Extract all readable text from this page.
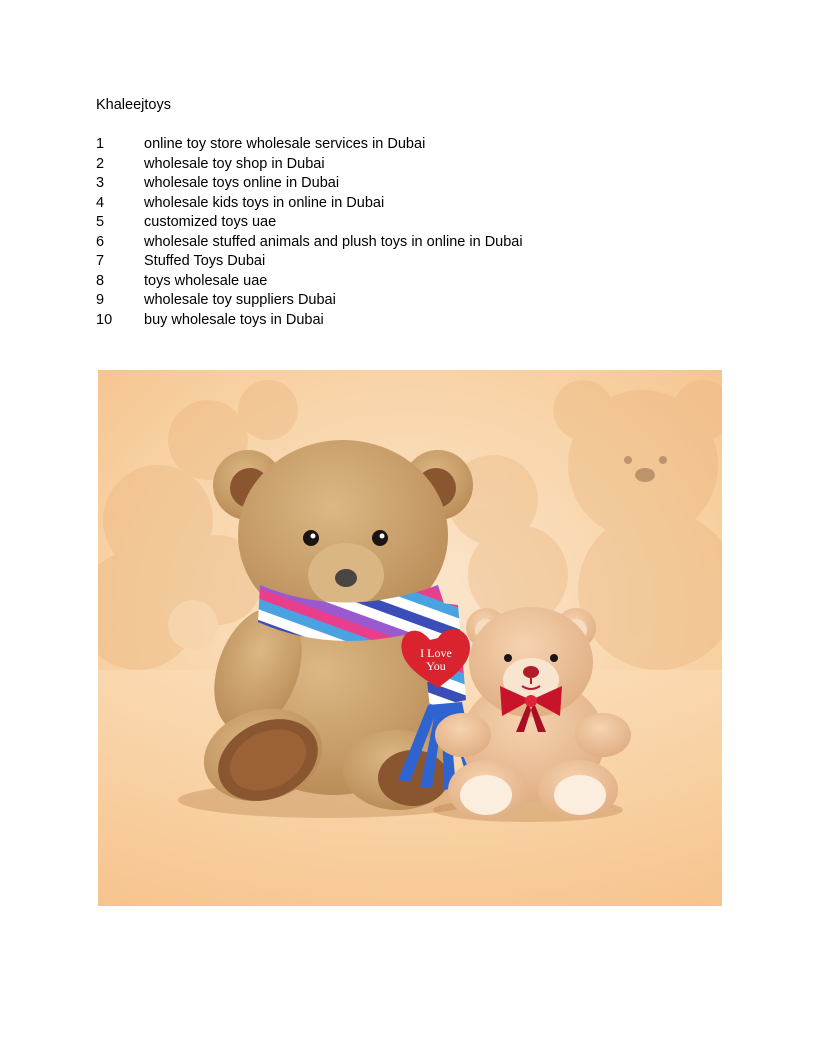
Khaleejtoys
1	online toy store wholesale services in Dubai
2	wholesale toy shop in Dubai
3	wholesale toys online in Dubai
4	wholesale kids toys in online in Dubai
5	customized toys uae
6	wholesale stuffed animals and plush toys in online in Dubai
7	Stuffed Toys Dubai
8	toys wholesale uae
9	wholesale toy suppliers Dubai
10	buy wholesale toys in Dubai
I Love
You
